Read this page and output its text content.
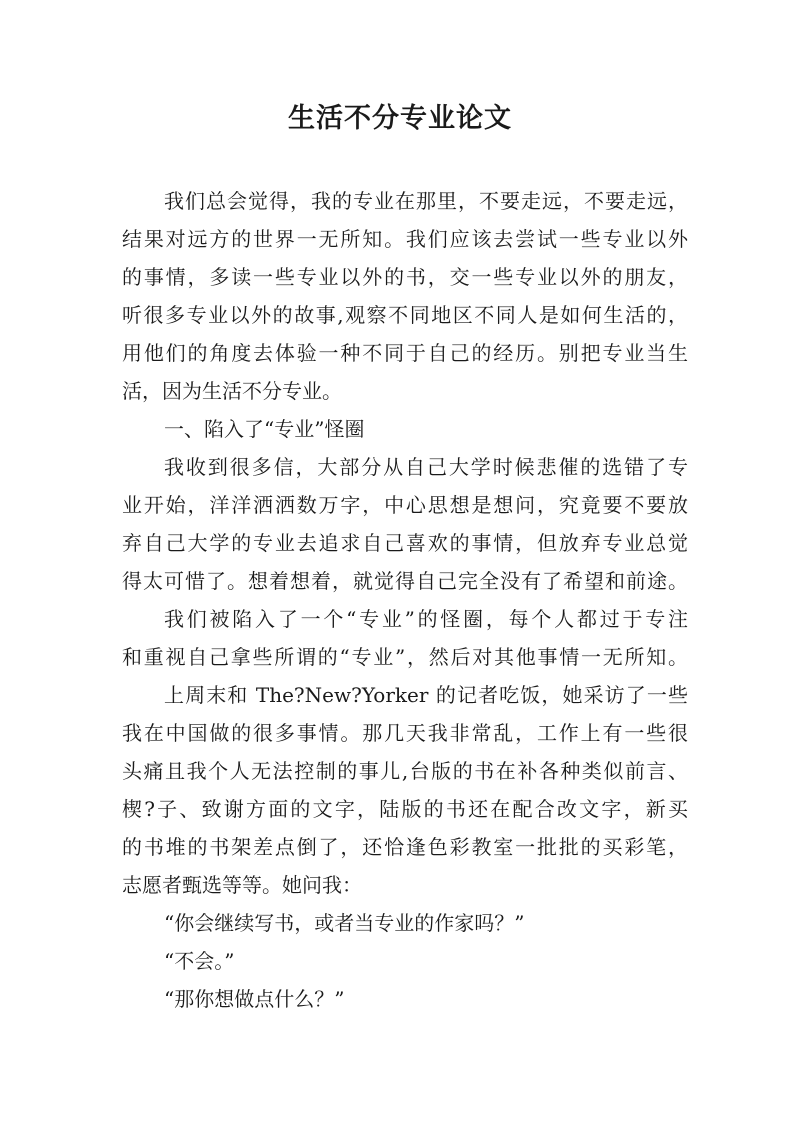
生活不分专业论文
我们总会觉得，我的专业在那里，不要走远，不要走远，
结果对远方的世界一无所知。我们应该去尝试一些专业以外
的事情，多读一些专业以外的书，交一些专业以外的朋友，
听很多专业以外的故事,观察不同地区不同人是如何生活的，
用他们的角度去体验一种不同于自己的经历。别把专业当生
活，因为生活不分专业。
一、陷入了“专业”怪圈
我收到很多信，大部分从自己大学时候悲催的选错了专
业开始，洋洋洒洒数万字，中心思想是想问，究竟要不要放
弃自己大学的专业去追求自己喜欢的事情，但放弃专业总觉
得太可惜了。想着想着，就觉得自己完全没有了希望和前途。
我们被陷入了一个“专业”的怪圈，每个人都过于专注
和重视自己拿些所谓的“专业”，然后对其他事情一无所知。
上周末和 The?New?Yorker 的记者吃饭，她采访了一些
我在中国做的很多事情。那几天我非常乱，工作上有一些很
头痛且我个人无法控制的事儿,台版的书在补各种类似前言、
楔?子、致谢方面的文字，陆版的书还在配合改文字，新买
的书堆的书架差点倒了，还恰逢色彩教室一批批的买彩笔，
志愿者甄选等等。她问我：
“你会继续写书，或者当专业的作家吗？”
“不会。”
“那你想做点什么？”
